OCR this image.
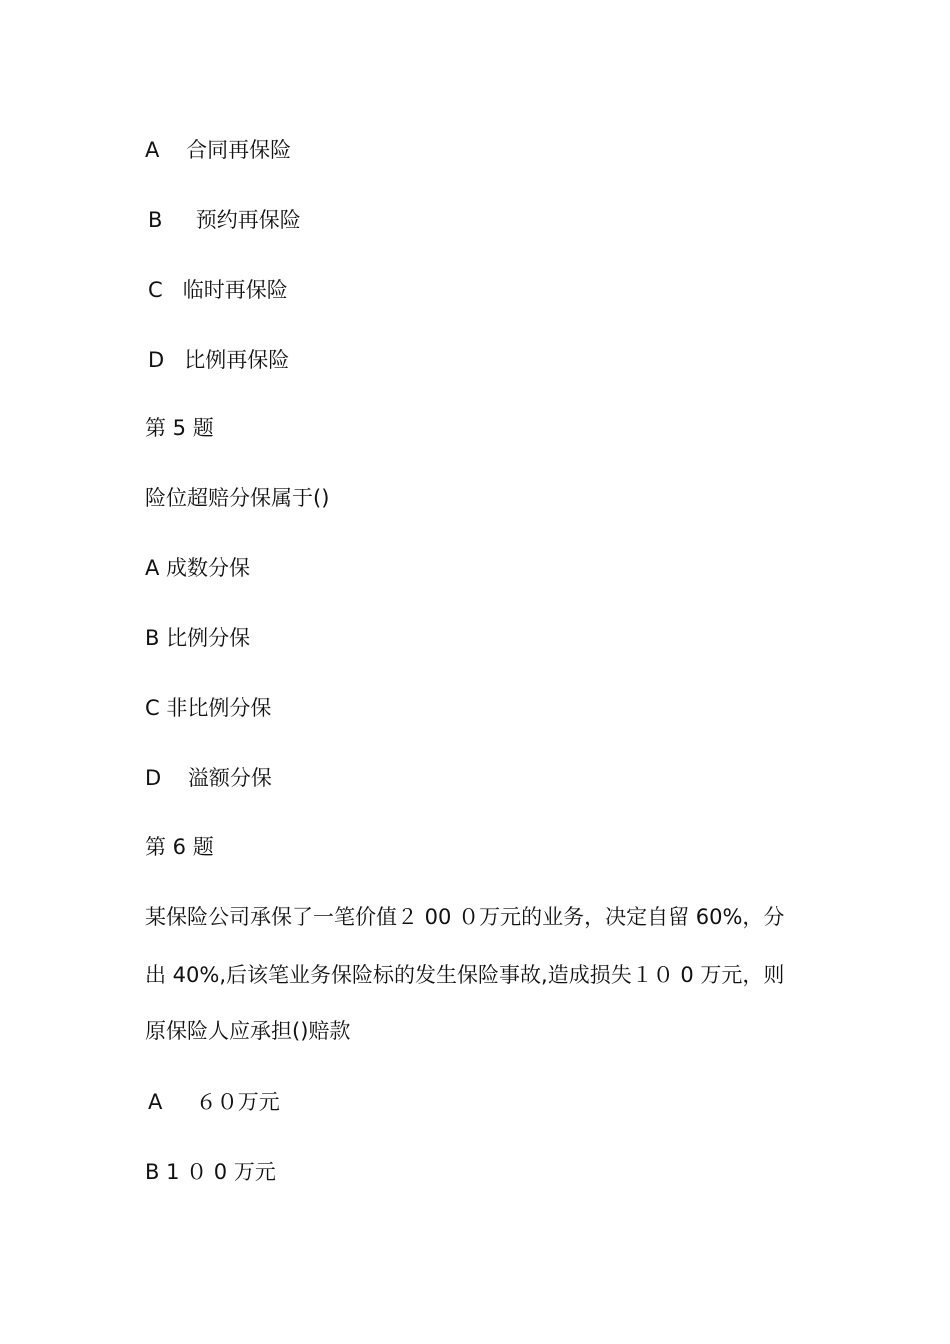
A    合同再保险
B     预约再保险
C   临时再保险
D   比例再保险
第 5 题
险位超赔分保属于()
A 成数分保
B 比例分保
C 非比例分保
D    溢额分保
第 6 题
某保险公司承保了一笔价值２ 00 ０万元的业务，决定自留 60%，分
出 40%,后该笔业务保险标的发生保险事故,造成损失１０ 0 万元，则
原保险人应承担()赔款
A     ６０万元
B 1 ０ 0 万元
